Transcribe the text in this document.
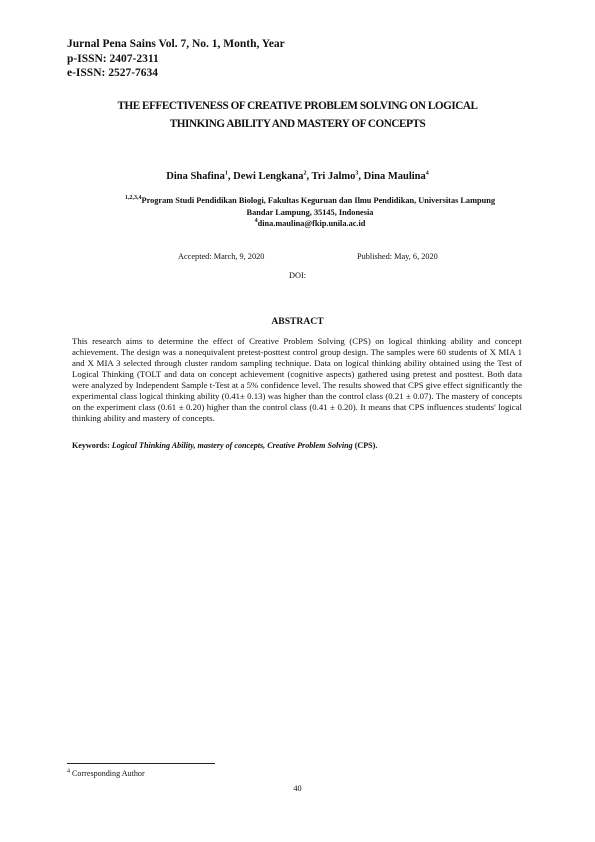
Jurnal Pena Sains Vol. 7, No. 1, Month, Year
p-ISSN: 2407-2311
e-ISSN: 2527-7634
THE EFFECTIVENESS OF CREATIVE PROBLEM SOLVING ON LOGICAL
THINKING ABILITY AND MASTERY OF CONCEPTS
Dina Shafina$^1$, Dewi Lengkana$^2$, Tri Jalmo$^3$, Dina Maulina$^4$
$^{1,2,3,4}$Program Studi Pendidikan Biologi, Fakultas Keguruan dan Ilmu Pendidikan, Universitas Lampung
Bandar Lampung, 35145, Indonesia
$^4$dina.maulina@fkip.unila.ac.id
Accepted: March, 9, 2020	Published: May, 6, 2020
DOI:
ABSTRACT
This research aims to determine the effect of Creative Problem Solving (CPS) on logical thinking ability and concept achievement. The design was a nonequivalent pretest-posttest control group design. The samples were 60 students of X MIA 1 and X MIA 3 selected through cluster random sampling technique. Data on logical thinking ability obtained using the Test of Logical Thinking (TOLT and data on concept achievement (cognitive aspects) gathered using pretest and posttest. Both data were analyzed by Independent Sample t-Test at a 5% confidence level. The results showed that CPS give effect significantly the experimental class logical thinking ability (0.41± 0.13) was higher than the control class (0.21 ± 0.07). The mastery of concepts on the experiment class (0.61 ± 0.20) higher than the control class (0.41 ± 0.20). It means that CPS influences students' logical thinking ability and mastery of concepts.
Keywords: Logical Thinking Ability, mastery of concepts, Creative Problem Solving (CPS).
$^4$ Corresponding Author
40
